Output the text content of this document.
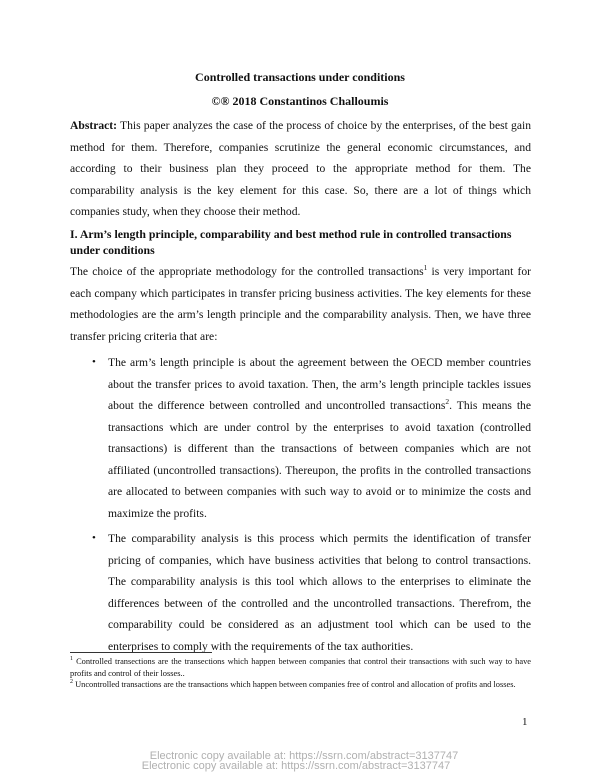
Controlled transactions under conditions
©® 2018 Constantinos Challoumis

Abstract: This paper analyzes the case of the process of choice by the enterprises, of the best gain method for them. Therefore, companies scrutinize the general economic circumstances, and according to their business plan they proceed to the appropriate method for them. The comparability analysis is the key element for this case. So, there are a lot of things which companies study, when they choose their method.

I. Arm’s length principle, comparability and best method rule in controlled transactions under conditions

The choice of the appropriate methodology for the controlled transactions$^1$ is very important for each company which participates in transfer pricing business activities. The key elements for these methodologies are the arm’s length principle and the comparability analysis. Then, we have three transfer pricing criteria that are:

• The arm’s length principle is about the agreement between the OECD member countries about the transfer prices to avoid taxation. Then, the arm’s length principle tackles issues about the difference between controlled and uncontrolled transactions$^2$. This means the transactions which are under control by the enterprises to avoid taxation (controlled transactions) is different than the transactions of between companies which are not affiliated (uncontrolled transactions). Thereupon, the profits in the controlled transactions are allocated to between companies with such way to avoid or to minimize the costs and maximize the profits.
• The comparability analysis is this process which permits the identification of transfer pricing of companies, which have business activities that belong to control transactions. The comparability analysis is this tool which allows to the enterprises to eliminate the differences between of the controlled and the uncontrolled transactions. Therefrom, the comparability could be considered as an adjustment tool which can be used to the enterprises to comply with the requirements of the tax authorities.

$^1$ Controlled transections are the transections which happen between companies that control their transactions with such way to have profits and control of their losses..

$^2$ Uncontrolled transactions are the transactions which happen between companies free of control and allocation of profits and losses.

1
Electronic copy available at: https://ssrn.com/abstract=3137747
Electronic copy available at: https://ssrn.com/abstract=3137747
